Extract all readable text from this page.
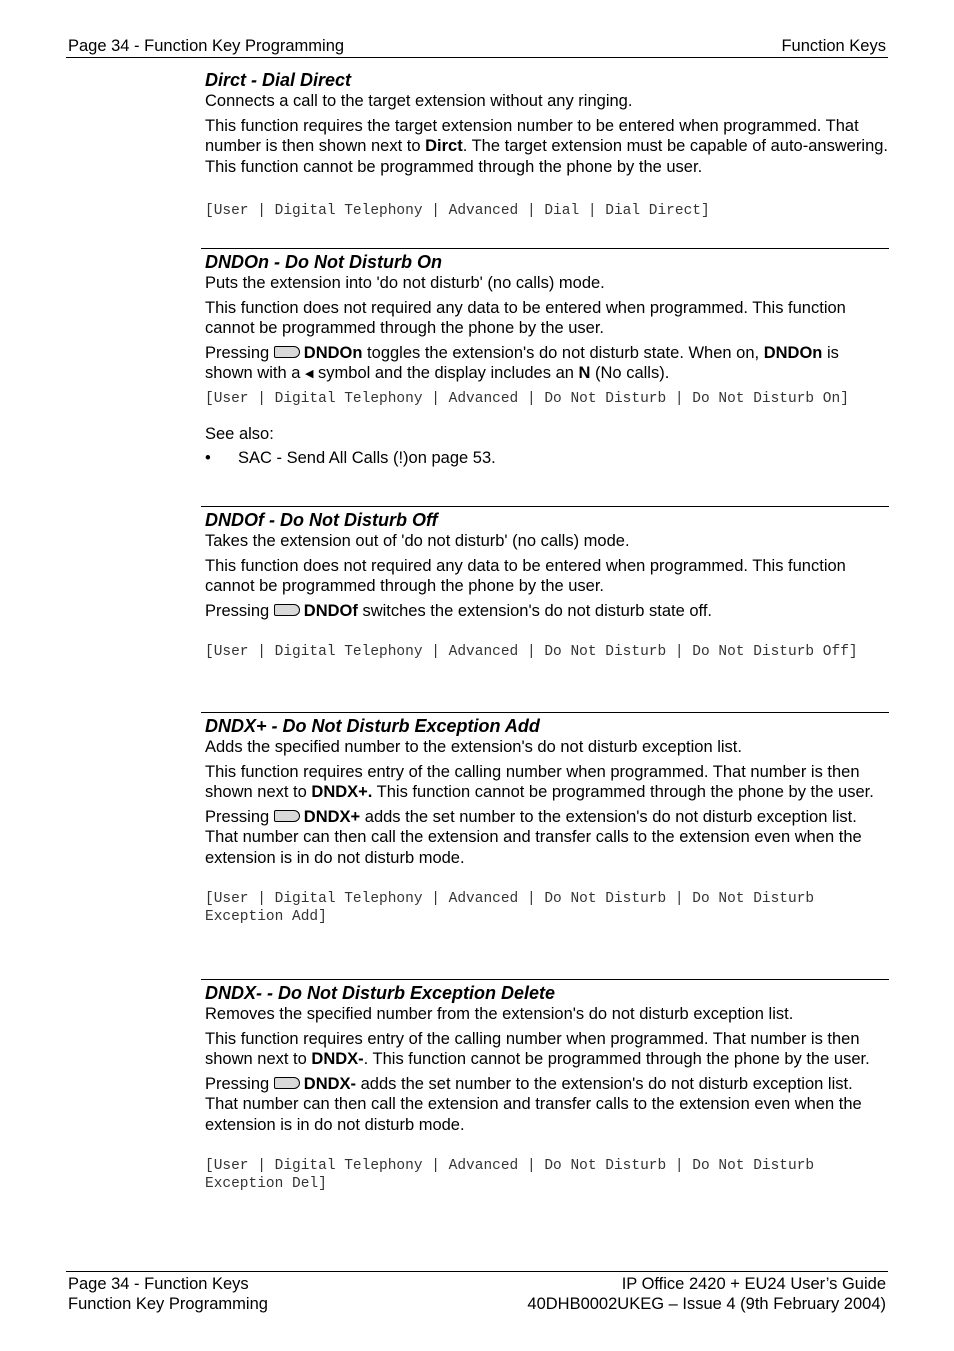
Page 34 - Function Key Programming	Function Keys
Dirct - Dial Direct

Connects a call to the target extension without any ringing.

This function requires the target extension number to be entered when programmed. That number is then shown next to Dirct. The target extension must be capable of auto-answering. This function cannot be programmed through the phone by the user.

[User | Digital Telephony | Advanced | Dial | Dial Direct]

DNDOn - Do Not Disturb On

Puts the extension into 'do not disturb' (no calls) mode.

This function does not required any data to be entered when programmed. This function cannot be programmed through the phone by the user.

Pressing DNDOn toggles the extension's do not disturb state. When on, DNDOn is shown with a ◀ symbol and the display includes an N (No calls).

[User | Digital Telephony | Advanced | Do Not Disturb | Do Not Disturb On]

See also:

• SAC - Send All Calls (!)on page 53.
DNDOf - Do Not Disturb Off

Takes the extension out of 'do not disturb' (no calls) mode.

This function does not required any data to be entered when programmed. This function cannot be programmed through the phone by the user.

Pressing DNDOf switches the extension's do not disturb state off.

[User | Digital Telephony | Advanced | Do Not Disturb | Do Not Disturb Off]

DNDX+ - Do Not Disturb Exception Add

Adds the specified number to the extension's do not disturb exception list.

This function requires entry of the calling number when programmed. That number is then shown next to DNDX+. This function cannot be programmed through the phone by the user.

Pressing DNDX+ adds the set number to the extension's do not disturb exception list. That number can then call the extension and transfer calls to the extension even when the extension is in do not disturb mode.

[User | Digital Telephony | Advanced | Do Not Disturb | Do Not Disturb Exception Add]

DNDX- - Do Not Disturb Exception Delete

Removes the specified number from the extension's do not disturb exception list.

This function requires entry of the calling number when programmed. That number is then shown next to DNDX-. This function cannot be programmed through the phone by the user.

Pressing DNDX- adds the set number to the extension's do not disturb exception list. That number can then call the extension and transfer calls to the extension even when the extension is in do not disturb mode.

[User | Digital Telephony | Advanced | Do Not Disturb | Do Not Disturb Exception Del]

Page 34 - Function Keys
Function Key Programming
IP Office 2420 + EU24 User’s Guide
40DHB0002UKEG – Issue 4 (9th February 2004)
